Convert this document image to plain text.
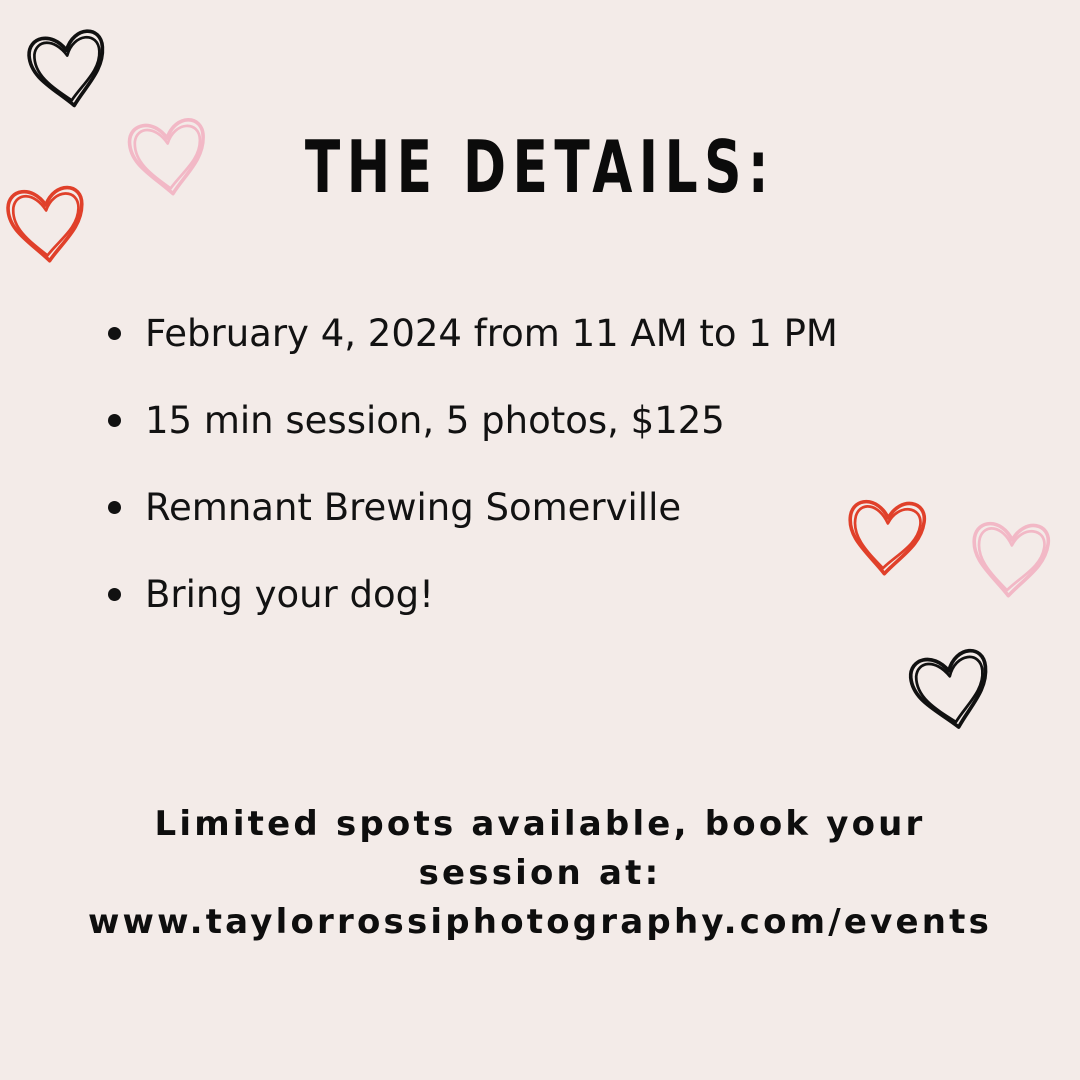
THE DETAILS:
February 4, 2024 from 11 AM to 1 PM
15 min session, 5 photos, $125
Remnant Brewing Somerville
Bring your dog!
Limited spots available, book your
session at:
www.taylorrossiphotography.com/events
